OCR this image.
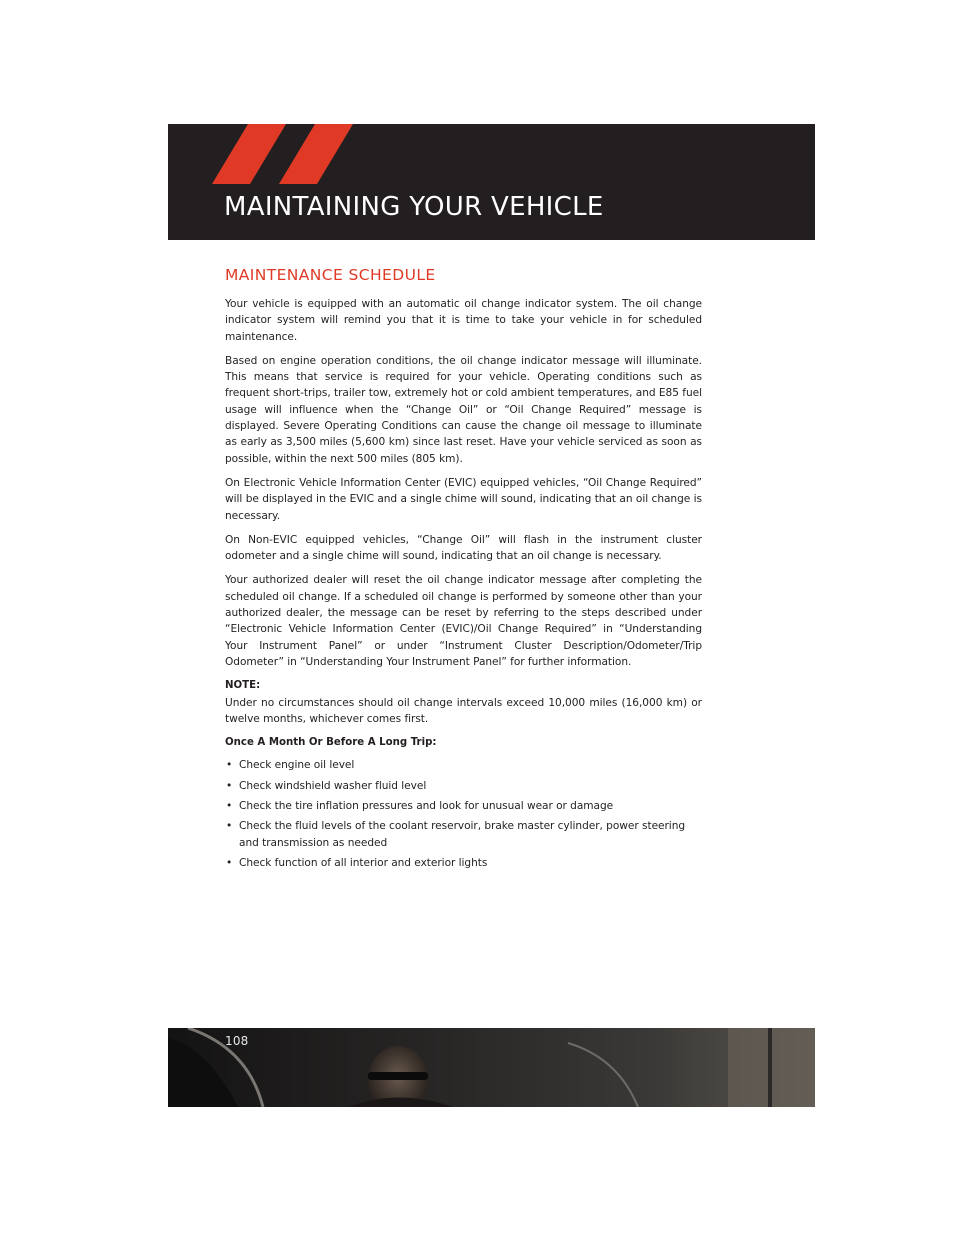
MAINTAINING YOUR VEHICLE
MAINTENANCE SCHEDULE

Your vehicle is equipped with an automatic oil change indicator system. The oil change indicator system will remind you that it is time to take your vehicle in for scheduled maintenance.

Based on engine operation conditions, the oil change indicator message will illuminate. This means that service is required for your vehicle. Operating conditions such as frequent short-trips, trailer tow, extremely hot or cold ambient temperatures, and E85 fuel usage will influence when the “Change Oil” or “Oil Change Required” message is displayed. Severe Operating Conditions can cause the change oil message to illuminate as early as 3,500 miles (5,600 km) since last reset. Have your vehicle serviced as soon as possible, within the next 500 miles (805 km).

On Electronic Vehicle Information Center (EVIC) equipped vehicles, “Oil Change Required” will be displayed in the EVIC and a single chime will sound, indicating that an oil change is necessary.

On Non-EVIC equipped vehicles, “Change Oil” will flash in the instrument cluster odometer and a single chime will sound, indicating that an oil change is necessary.

Your authorized dealer will reset the oil change indicator message after completing the scheduled oil change. If a scheduled oil change is performed by someone other than your authorized dealer, the message can be reset by referring to the steps described under “Electronic Vehicle Information Center (EVIC)/Oil Change Required” in “Understanding Your Instrument Panel” or under “Instrument Cluster Description/Odometer/Trip Odometer” in “Understanding Your Instrument Panel” for further information.

NOTE:

Under no circumstances should oil change intervals exceed 10,000 miles (16,000 km) or twelve months, whichever comes first.

Once A Month Or Before A Long Trip:
• Check engine oil level
• Check windshield washer fluid level
• Check the tire inflation pressures and look for unusual wear or damage
• Check the fluid levels of the coolant reservoir, brake master cylinder, power steering and transmission as needed
• Check function of all interior and exterior lights
108
